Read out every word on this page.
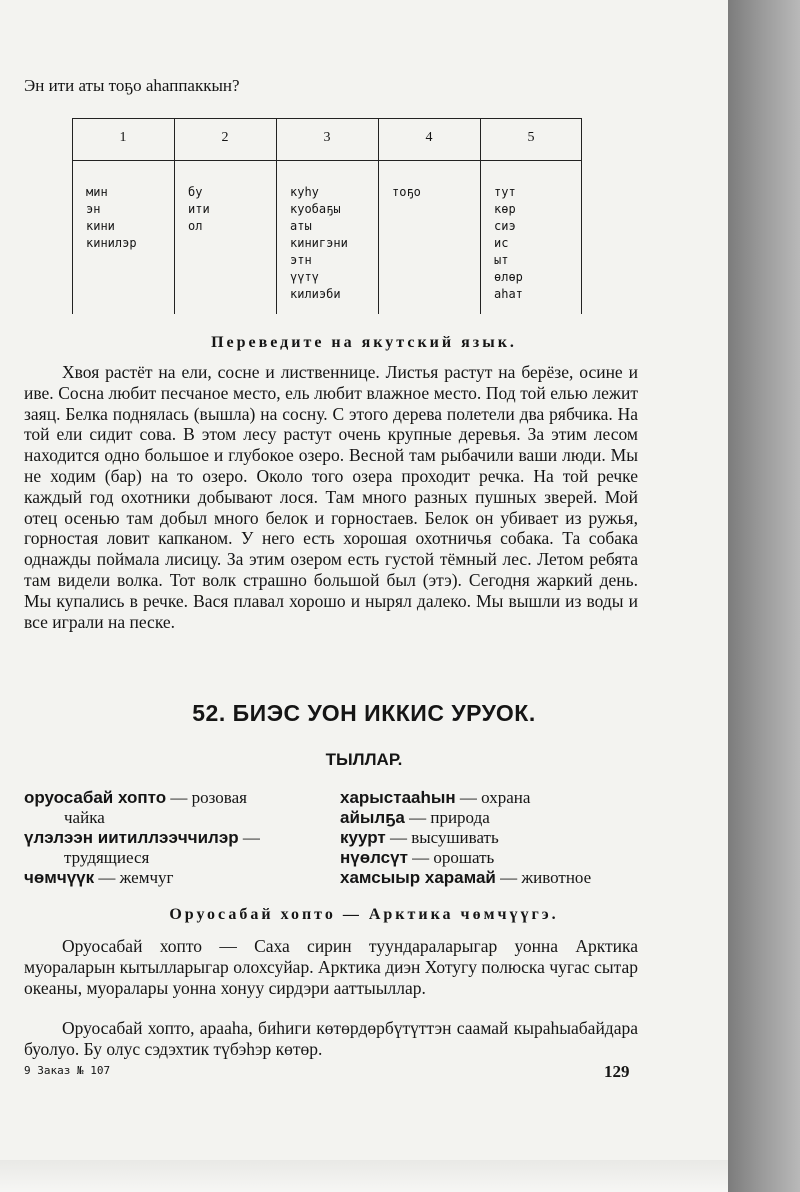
Эн ити аты тоҕо аһаппаккын?
1
мин
эн
кини
кинилэр
2
бу
ити
ол
3
куһу
куобаҕы
аты
кинигэни
этн
үүтү
килиэби
4
тоҕо
5
тут
көр
сиэ
ис
ыт
өлөр
аһат
Переведите на якутский язык.

Хвоя растёт на ели, сосне и лиственнице. Листья растут на берёзе, осине и иве. Сосна любит песчаное место, ель любит влажное место. Под той елью лежит заяц. Белка поднялась (вышла) на сосну. С этого дерева полетели два рябчика. На той ели сидит сова. В этом лесу растут очень крупные деревья. За этим лесом находится одно большое и глубокое озеро. Весной там рыбачили ваши люди. Мы не ходим (бар) на то озеро. Около того озера проходит речка. На той речке каждый год охотники добывают лося. Там много разных пушных зверей. Мой отец осенью там добыл много белок и горностаев. Белок он убивает из ружья, горностая ловит капканом. У него есть хорошая охотничья собака. Та собака однажды поймала лисицу. За этим озером есть густой тёмный лес. Летом ребята там видели волка. Тот волк страшно большой был (этэ). Сегодня жаркий день. Мы купались в речке. Вася плавал хорошо и нырял далеко. Мы вышли из воды и все играли на песке.

52. БИЭС УОН ИККИС УРУОК.
ТЫЛЛАР.
оруосабай хопто — розовая
чайка
үлэлээн иитиллээччилэр —
трудящиеся
чөмчүүк — жемчуг
харыстааһын — охрана
айылҕа — природа
куурт — высушивать
нүөлсүт — орошать
хамсыыр харамай — животное
Оруосабай хопто — Арктика чөмчүүгэ.

Оруосабай хопто — Саха сирин туундараларыгар уонна Арктика муораларын кытылларыгар олохсуйар. Арктика диэн Хотугу полюска чугас сытар океаны, муоралары уонна хонуу сирдэри ааттыыллар.

Оруосабай хопто, арааһа, биһиги көтөрдөрбүтүттэн саамай кыраһыабайдара буолуо. Бу олус сэдэхтик түбэһэр көтөр.

9 Заказ № 107	129
